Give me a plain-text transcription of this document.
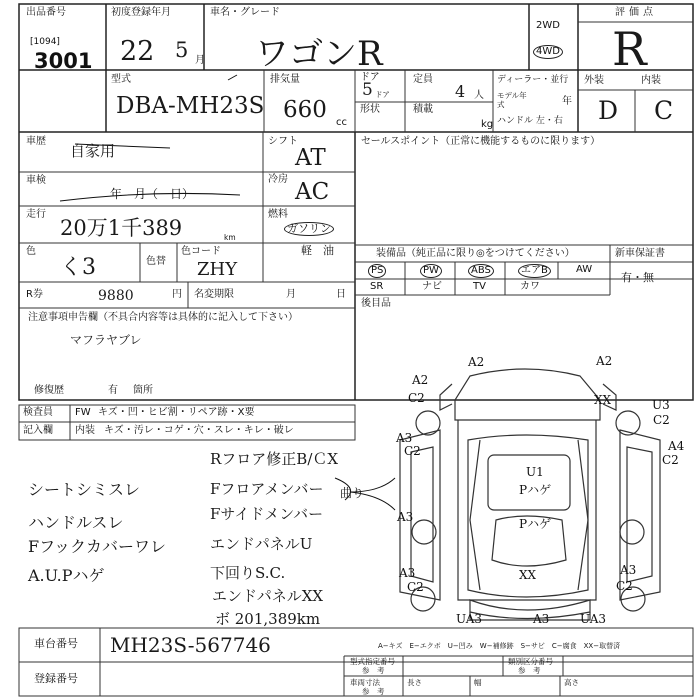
出品番号
[1094]
3001
初度登録年月
22 5 月
車名・グレード
ワゴンR
2WD
4WD
評価点
R
型式
DBA-MH23S
排気量
660 cc
ドア
5 ドア
定員
4 人
形状	積載
kg
ディーラー・並行
モデル年式	年
ハンドル 左・右
外装	内装
D C
車歴
自家用
車検
年　月（　日）
走行
20万1千389	km
色
く3	色替
色コード
ZHY
シフト
AT
冷房 AC
燃料
ガソリン
軽　油
R券	9880	円 名変期限	月	日
注意事項申告欄（不具合内容等は具体的に記入して下さい）
マフラヤブレ
修復歴	有 箇所
セールスポイント（正常に機能するものに限ります）
装備品（純正品に限り◎をつけてください）	新車保証書
有・無
後目品
PS	PW	ABS	エアB	AW
SR	ナビ	TV	カワ
検査員
記入欄
FW キズ・凹・ヒビ割・リペア跡・X要
内装 キズ・汚レ・コゲ・穴・スレ・キレ・破レ
Rフロア修正B/ＣX
Fフロアメンバー
Fサイドメンバー
エンドパネルU
下回りS.C.
エンドパネルXX
ボ 201,389km
シートシミスレ
ハンドルスレ
Fフックカバーワレ
A.U.Pハゲ
曲り
A2	A2
A2
C2	XX	U3
C2
A3
C2	A4
C2
U1
Pハゲ
A3	Pハゲ
A3
C2
XX	A3
C2
UA3	A3	UA3
A−キズ　E−エクボ　U−凹み　W−補修跡　S−サビ　C−腐食　XX−取替済
車台番号 MH23S-567746
登録番号
型式指定番号
参　考
類別区分番号
参　考
車両寸法
参　考
長さ	幅	高さ
